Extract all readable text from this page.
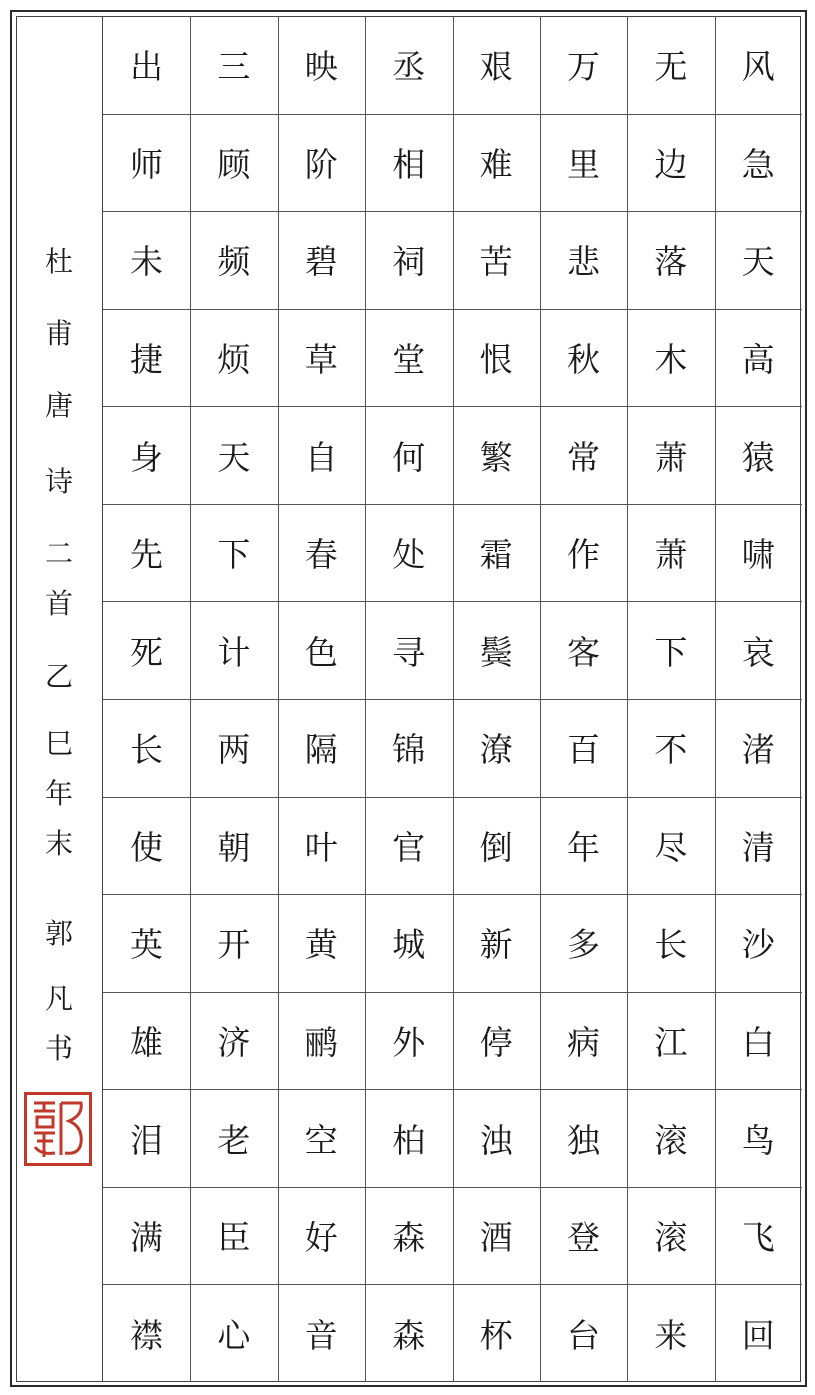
杜
甫
唐
诗
二
首
乙
巳
年
末
郭
凡
书
风
急
天
高
猿
啸
哀
渚
清
沙
白
鸟
飞
回
无
边
落
木
萧
萧
下
不
尽
长
江
滚
滚
来
万
里
悲
秋
常
作
客
百
年
多
病
独
登
台
艰
难
苦
恨
繁
霜
鬓
潦
倒
新
停
浊
酒
杯
丞
相
祠
堂
何
处
寻
锦
官
城
外
柏
森
森
映
阶
碧
草
自
春
色
隔
叶
黄
鹂
空
好
音
三
顾
频
烦
天
下
计
两
朝
开
济
老
臣
心
出
师
未
捷
身
先
死
长
使
英
雄
泪
满
襟
